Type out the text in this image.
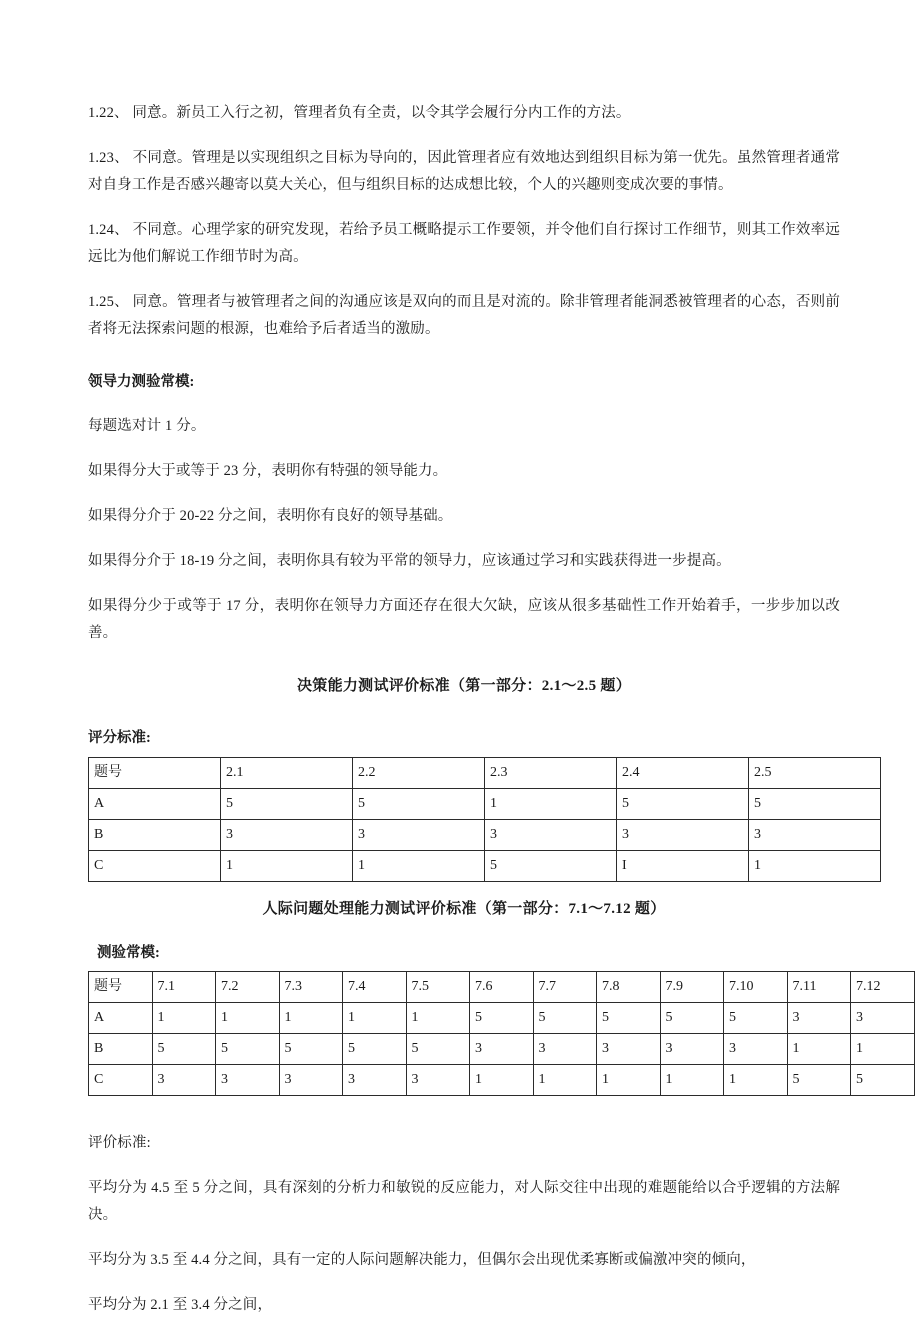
1.22、 同意。新员工入行之初，管理者负有全责，以令其学会履行分内工作的方法。

1.23、 不同意。管理是以实现组织之目标为导向的，因此管理者应有效地达到组织目标为第一优先。虽然管理者通常对自身工作是否感兴趣寄以莫大关心，但与组织目标的达成想比较，个人的兴趣则变成次要的事情。

1.24、 不同意。心理学家的研究发现，若给予员工概略提示工作要领，并令他们自行探讨工作细节，则其工作效率远远比为他们解说工作细节时为高。

1.25、 同意。管理者与被管理者之间的沟通应该是双向的而且是对流的。除非管理者能洞悉被管理者的心态，否则前者将无法探索问题的根源，也难给予后者适当的激励。

领导力测验常模:

每题选对计 1 分。

如果得分大于或等于 23 分，表明你有特强的领导能力。

如果得分介于 20-22 分之间，表明你有良好的领导基础。

如果得分介于 18-19 分之间，表明你具有较为平常的领导力，应该通过学习和实践获得进一步提高。

如果得分少于或等于 17 分，表明你在领导力方面还存在很大欠缺，应该从很多基础性工作开始着手，一步步加以改善。

决策能力测试评价标准（第一部分：2.1～2.5 题）

评分标准:

题号	2.1	2.2	2.3	2.4	2.5
A	5	5	1	5	5
B	3	3	3	3	3
C	1	1	5	I	1
人际问题处理能力测试评价标准（第一部分：7.1～7.12 题）

测验常模:

题号	7.1	7.2	7.3	7.4	7.5	7.6	7.7	7.8	7.9	7.10	7.11	7.12
A	1	1	1	1	1	5	5	5	5	5	3	3
B	5	5	5	5	5	3	3	3	3	3	1	1
C	3	3	3	3	3	1	1	1	1	1	5	5

评价标准:

平均分为 4.5 至 5 分之间，具有深刻的分析力和敏锐的反应能力，对人际交往中出现的难题能给以合乎逻辑的方法解决。

平均分为 3.5 至 4.4 分之间，具有一定的人际问题解决能力，但偶尔会出现优柔寡断或偏激冲突的倾向，

平均分为 2.1 至 3.4 分之间，
